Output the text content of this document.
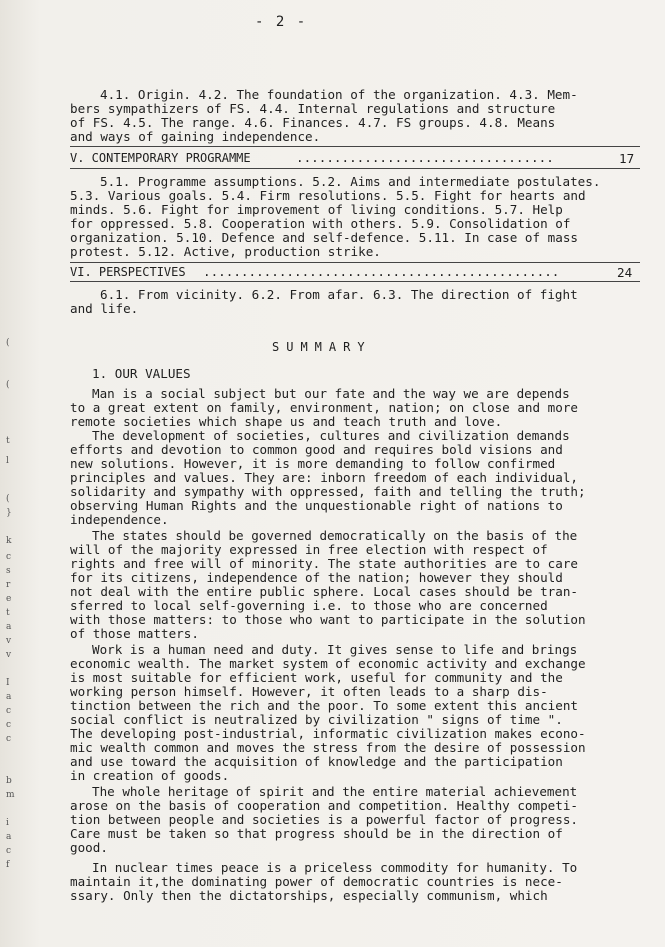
- 2 -
4.1. Origin. 4.2. The foundation of the organization. 4.3. Mem-
bers sympathizers of FS. 4.4. Internal regulations and structure
of FS. 4.5. The range. 4.6. Finances. 4.7. FS groups. 4.8. Means
and ways of gaining independence.
V. CONTEMPORARY PROGRAMME	..................................	17
5.1. Programme assumptions. 5.2. Aims and intermediate postulates.
5.3. Various goals. 5.4. Firm resolutions. 5.5. Fight for hearts and
minds. 5.6. Fight for improvement of living conditions. 5.7. Help
for oppressed. 5.8. Cooperation with others. 5.9. Consolidation of
organization. 5.10. Defence and self-defence. 5.11. In case of mass
protest. 5.12. Active, production strike.
VI. PERSPECTIVES ...............................................	24
6.1. From vicinity. 6.2. From afar. 6.3. The direction of fight
and life.
SUMMARY
1. OUR VALUES
Man is a social subject but our fate and the way we are depends
to a great extent on family, environment, nation; on close and more
remote societies which shape us and teach truth and love.
The development of societies, cultures and civilization demands
efforts and devotion to common good and requires bold visions and
new solutions. However, it is more demanding to follow confirmed
principles and values. They are: inborn freedom of each individual,
solidarity and sympathy with oppressed, faith and telling the truth;
observing Human Rights and the unquestionable right of nations to
independence.
The states should be governed democratically on the basis of the
will of the majority expressed in free election with respect of
rights and free will of minority. The state authorities are to care
for its citizens, independence of the nation; however they should
not deal with the entire public sphere. Local cases should be tran-
sferred to local self-governing i.e. to those who are concerned
with those matters: to those who want to participate in the solution
of those matters.
Work is a human need and duty. It gives sense to life and brings
economic wealth. The market system of economic activity and exchange
is most suitable for efficient work, useful for community and the
working person himself. However, it often leads to a sharp dis-
tinction between the rich and the poor. To some extent this ancient
social conflict is neutralized by civilization " signs of time ".
The developing post-industrial, informatic civilization makes econo-
mic wealth common and moves the stress from the desire of possession
and use toward the acquisition of knowledge and the participation
in creation of goods.
The whole heritage of spirit and the entire material achievement
arose on the basis of cooperation and competition. Healthy competi-
tion between people and societies is a powerful factor of progress.
Care must be taken so that progress should be in the direction of
good.
In nuclear times peace is a priceless commodity for humanity. To
maintain it,the dominating power of democratic countries is nece-
ssary. Only then the dictatorships, especially communism, which
(
(
t
l
(
}
k
c
s
r
e
t
a
v
v
I
a
c
c
c
b
m
i
a
c
f
